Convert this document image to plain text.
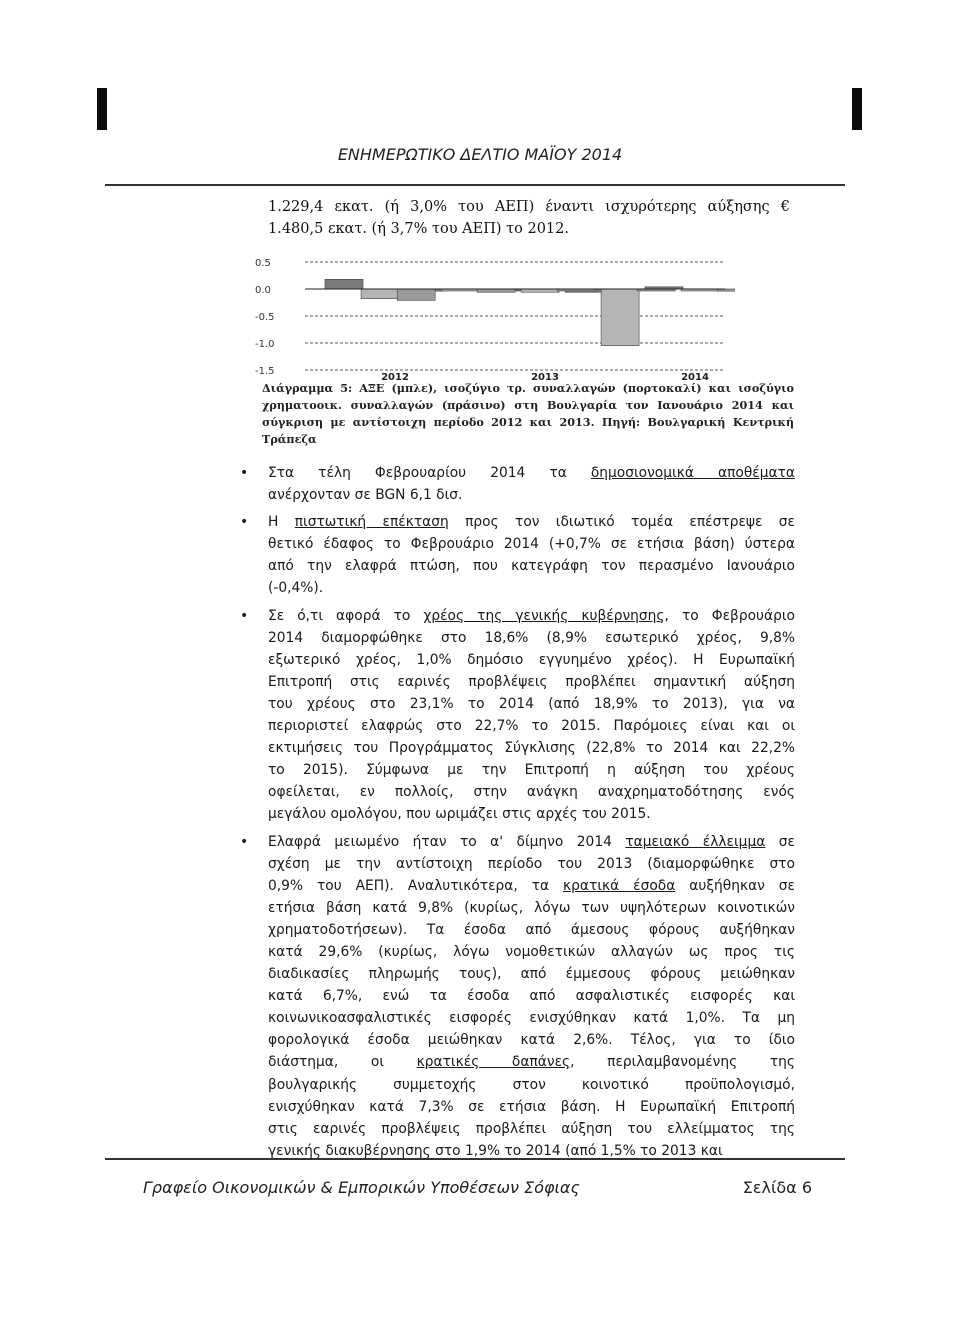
ΕΝΗΜΕΡΩΤΙΚΟ ΔΕΛΤΙΟ ΜΑΪΟΥ 2014
1.229,4 εκατ. (ή 3,0% του ΑΕΠ) έναντι ισχυρότερης αύξησης €
1.480,5 εκατ. (ή 3,7% του ΑΕΠ) το 2012.
0.5
0.0
-0.5
-1.0
-1.5
2012	2013	2014
Διάγραμμα 5: ΑΞΕ (μπλε), ισοζύγιο τρ. συναλλαγών (πορτοκαλί) και ισοζύγιο
χρηματοοικ. συναλλαγών (πράσινο) στη Βουλγαρία τον Ιανουάριο 2014 και
σύγκριση με αντίστοιχη περίοδο 2012 και 2013. Πηγή: Βουλγαρική Κεντρική
Τράπεζα
• Στα τέλη Φεβρουαρίου 2014 τα δημοσιονομικά αποθέματα
ανέρχονταν σε BGN 6,1 δισ.
• Η πιστωτική επέκταση προς τον ιδιωτικό τομέα επέστρεψε σε
θετικό έδαφος το Φεβρουάριο 2014 (+0,7% σε ετήσια βάση) ύστερα
από την ελαφρά πτώση, που κατεγράφη τον περασμένο Ιανουάριο
(-0,4%).
• Σε ό,τι αφορά το χρέος της γενικής κυβέρνησης, το Φεβρουάριο
2014 διαμορφώθηκε στο 18,6% (8,9% εσωτερικό χρέος, 9,8%
εξωτερικό χρέος, 1,0% δημόσιο εγγυημένο χρέος). Η Ευρωπαϊκή
Επιτροπή στις εαρινές προβλέψεις προβλέπει σημαντική αύξηση
του χρέους στο 23,1% το 2014 (από 18,9% το 2013), για να
περιοριστεί ελαφρώς στο 22,7% το 2015. Παρόμοιες είναι και οι
εκτιμήσεις του Προγράμματος Σύγκλισης (22,8% το 2014 και 22,2%
το 2015). Σύμφωνα με την Επιτροπή η αύξηση του χρέους
οφείλεται, εν πολλοίς, στην ανάγκη αναχρηματοδότησης ενός
μεγάλου ομολόγου, που ωριμάζει στις αρχές του 2015.
• Ελαφρά μειωμένο ήταν το α' δίμηνο 2014 ταμειακό έλλειμμα σε
σχέση με την αντίστοιχη περίοδο του 2013 (διαμορφώθηκε στο
0,9% του ΑΕΠ). Αναλυτικότερα, τα κρατικά έσοδα αυξήθηκαν σε
ετήσια βάση κατά 9,8% (κυρίως, λόγω των υψηλότερων κοινοτικών
χρηματοδοτήσεων). Τα έσοδα από άμεσους φόρους αυξήθηκαν
κατά 29,6% (κυρίως, λόγω νομοθετικών αλλαγών ως προς τις
διαδικασίες πληρωμής τους), από έμμεσους φόρους μειώθηκαν
κατά 6,7%, ενώ τα έσοδα από ασφαλιστικές εισφορές και
κοινωνικοασφαλιστικές εισφορές ενισχύθηκαν κατά 1,0%. Τα μη
φορολογικά έσοδα μειώθηκαν κατά 2,6%. Τέλος, για το ίδιο
διάστημα, οι κρατικές δαπάνες, περιλαμβανομένης της
βουλγαρικής συμμετοχής στον κοινοτικό προϋπολογισμό,
ενισχύθηκαν κατά 7,3% σε ετήσια βάση. Η Ευρωπαϊκή Επιτροπή
στις εαρινές προβλέψεις προβλέπει αύξηση του ελλείμματος της
γενικής διακυβέρνησης στο 1,9% το 2014 (από 1,5% το 2013 και
Γραφείο Οικονομικών & Εμπορικών Υποθέσεων Σόφιας	Σελίδα 6
